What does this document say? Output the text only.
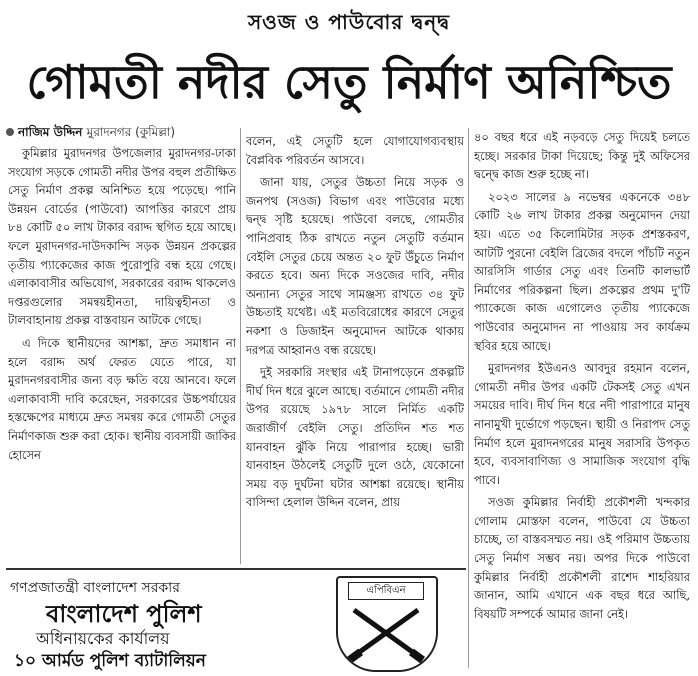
সওজ ও পাউবোর দ্বন্দ্ব
গোমতী নদীর সেতু নির্মাণ অনিশ্চিত
নাজিম উদ্দিন মুরাদনগর (কুমিল্লা)

কুমিল্লার মুরাদনগর উপজেলার মুরাদনগর-ঢাকা সংযোগ সড়কে গোমতী নদীর উপর বহুল প্রতীক্ষিত সেতু নির্মাণ প্রকল্প অনিশ্চিত হয়ে পড়েছে। পানি উন্নয়ন বোর্ডের (পাউবো) আপত্তির কারণে প্রায় ৮৪ কোটি ৫০ লাখ টাকার বরাদ্দ স্থগিত হয়ে আছে। ফলে মুরাদনগর-দাউদকান্দি সড়ক উন্নয়ন প্রকল্পের তৃতীয় প্যাকেজের কাজ পুরোপুরি বন্ধ হয়ে গেছে। এলাকাবাসীর অভিযোগ, সরকারের বরাদ্দ থাকলেও দপ্তরগুলোর সমন্বয়হীনতা, দায়িত্বহীনতা ও টালবাহানায় প্রকল্প বাস্তবায়ন আটকে গেছে।

এ দিকে স্থানীয়দের আশঙ্কা, দ্রুত সমাধান না হলে বরাদ্দ অর্থ ফেরত যেতে পারে, যা মুরাদনগরবাসীর জন্য বড় ক্ষতি বয়ে আনবে। ফলে এলাকাবাসী দাবি করেছেন, সরকারের উচ্চপর্যায়ের হস্তক্ষেপের মাধ্যমে দ্রুত সমন্বয় করে গোমতী সেতুর নির্মাণকাজ শুরু করা হোক। স্থানীয় ব্যবসায়ী জাকির হোসেন

বলেন, এই সেতুটি হলে যোগাযোগব্যবস্থায় বৈপ্লবিক পরিবর্তন আসবে।

জানা যায়, সেতুর উচ্চতা নিয়ে সড়ক ও জনপথ (সওজ) বিভাগ এবং পাউবোর মধ্যে দ্বন্দ্ব সৃষ্টি হয়েছে। পাউবো বলছে, গোমতীর পানিপ্রবাহ ঠিক রাখতে নতুন সেতুটি বর্তমান বেইলি সেতুর চেয়ে অন্তত ২০ ফুট উঁচুতে নির্মাণ করতে হবে। অন্য দিকে সওজের দাবি, নদীর অন্যান্য সেতুর সাথে সামঞ্জস্য রাখতে ৩৪ ফুট উচ্চতাই যথেষ্ট। এই মতবিরোধের কারণে সেতুর নকশা ও ডিজাইন অনুমোদন আটকে থাকায় দরপত্র আহ্বানও বন্ধ রয়েছে।

দুই সরকারি সংস্থার এই টানাপড়েনে প্রকল্পটি দীর্ঘ দিন ধরে ঝুলে আছে। বর্তমানে গোমতী নদীর উপর রয়েছে ১৯৭৮ সালে নির্মিত একটি জরাজীর্ণ বেইলি সেতু। প্রতিদিন শত শত যানবাহন ঝুঁকি নিয়ে পারাপার হচ্ছে। ভারী যানবাহন উঠলেই সেতুটি দুলে ওঠে, যেকোনো সময় বড় দুর্ঘটনা ঘটার আশঙ্কা রয়েছে। স্থানীয় বাসিন্দা হেলাল উদ্দিন বলেন, প্রায়

৪০ বছর ধরে এই নড়বড়ে সেতু দিয়েই চলতে হচ্ছে। সরকার টাকা দিয়েছে; কিন্তু দুই অফিসের দ্বন্দ্বে কাজ শুরু হচ্ছে না।

২০২৩ সালের ৯ নভেম্বর একনেকে ৩৪৮ কোটি ২৬ লাখ টাকার প্রকল্প অনুমোদন দেয়া হয়। এতে ৩৫ কিলোমিটার সড়ক প্রশস্তকরণ, আটটি পুরনো বেইলি ব্রিজের বদলে পাঁচটি নতুন আরসিসি গার্ডার সেতু এবং তিনটি কালভার্ট নির্মাণের পরিকল্পনা ছিল। প্রকল্পের প্রথম দু'টি প্যাকেজে কাজ এগোলেও তৃতীয় প্যাকেজে পাউবোর অনুমোদন না পাওয়ায় সব কার্যক্রম স্থবির হয়ে আছে।

মুরাদনগর ইউএনও আবদুর রহমান বলেন, গোমতী নদীর উপর একটি টেকসই সেতু এখন সময়ের দাবি। দীর্ঘ দিন ধরে নদী পারাপারে মানুষ নানামুখী দুর্ভোগে পড়ছেন। স্থায়ী ও নিরাপদ সেতু নির্মাণ হলে মুরাদনগরের মানুষ সরাসরি উপকৃত হবে, ব্যবসাবাণিজ্য ও সামাজিক সংযোগ বৃদ্ধি পাবে।

সওজ কুমিল্লার নির্বাহী প্রকৌশলী খন্দকার গোলাম মোস্তফা বলেন, পাউবো যে উচ্চতা চাচ্ছে, তা বাস্তবসম্মত নয়। ওই পরিমাণ উচ্চতায় সেতু নির্মাণ সম্ভব নয়। অপর দিকে পাউবো কুমিল্লার নির্বাহী প্রকৌশলী রাশেদ শাহরিয়ার জানান, আমি এখানে এক বছর ধরে আছি, বিষয়টি সম্পর্কে আমার জানা নেই।

গণপ্রজাতন্ত্রী বাংলাদেশ সরকার
বাংলাদেশ পুলিশ
অধিনায়কের কার্যালয়
১০ আর্মড পুলিশ ব্যাটালিয়ন
এপিবিএন
